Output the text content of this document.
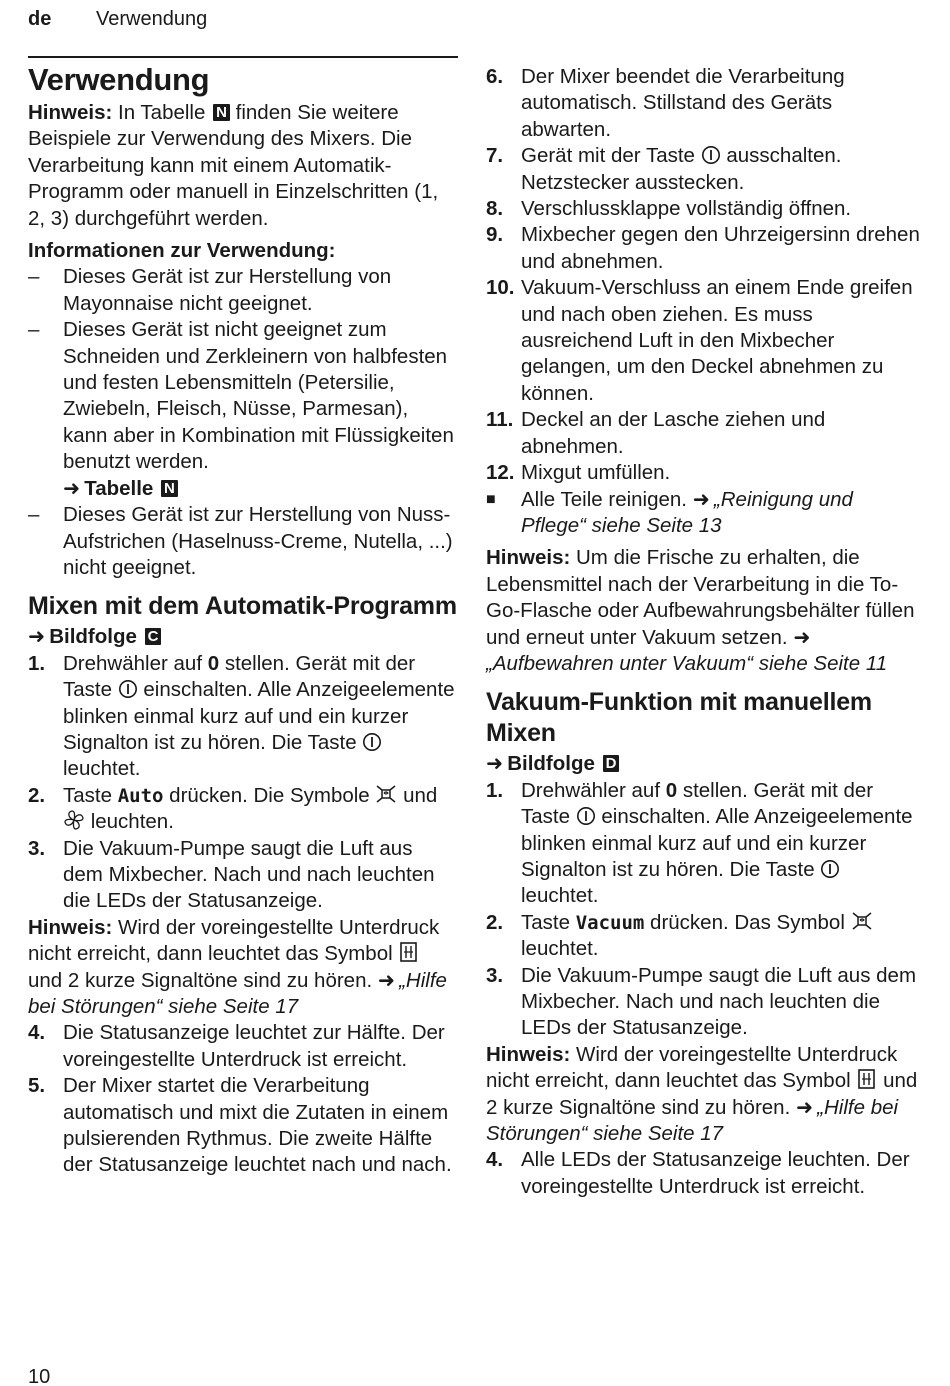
de Verwendung
Verwendung

Hinweis: In Tabelle N finden Sie weitere Beispiele zur Verwendung des Mixers. Die Verarbeitung kann mit einem Automatik-Programm oder manuell in Einzelschritten (1, 2, 3) durchgeführt werden.

Informationen zur Verwendung:

–	Dieses Gerät ist zur Herstellung von Mayonnaise nicht geeignet.
–	Dieses Gerät ist nicht geeignet zum Schneiden und Zerkleinern von halbfesten und festen Lebensmitteln (Petersilie, Zwiebeln, Fleisch, Nüsse, Parmesan), kann aber in Kombination mit Flüssigkeiten benutzt werden.
➜ Tabelle N
–	Dieses Gerät ist zur Herstellung von Nuss-Aufstrichen (Haselnuss-Creme, Nutella, ...) nicht geeignet.
Mixen mit dem Automatik-Programm

➜ Bildfolge C

1. Drehwähler auf 0 stellen. Gerät mit der Taste einschalten. Alle Anzeigeelemente blinken einmal kurz auf und ein kurzer Signalton ist zu hören. Die Taste  leuchtet.
2. Taste Auto drücken. Die Symbole und  leuchten.
3. Die Vakuum-Pumpe saugt die Luft aus dem Mixbecher. Nach und nach leuchten die LEDs der Statusanzeige.

Hinweis: Wird der voreingestellte Unterdruck nicht erreicht, dann leuchtet das Symbol  und 2 kurze Signaltöne sind zu hören. ➜ „Hilfe bei Störungen“ siehe Seite 17

4. Die Statusanzeige leuchtet zur Hälfte. Der voreingestellte Unterdruck ist erreicht.
5. Der Mixer startet die Verarbeitung automatisch und mixt die Zutaten in einem pulsierenden Rythmus. Die zweite Hälfte der Statusanzeige leuchtet nach und nach.
6. Der Mixer beendet die Verarbeitung automatisch. Stillstand des Geräts abwarten.
7. Gerät mit der Taste ausschalten. Netzstecker ausstecken.
8. Verschlussklappe vollständig öffnen.
9. Mixbecher gegen den Uhrzeigersinn drehen und abnehmen.
10. Vakuum-Verschluss an einem Ende greifen und nach oben ziehen. Es muss ausreichend Luft in den Mixbecher gelangen, um den Deckel abnehmen zu können.
11. Deckel an der Lasche ziehen und abnehmen.
12. Mixgut umfüllen.
■	Alle Teile reinigen. ➜ „Reinigung und Pflege“ siehe Seite 13

Hinweis: Um die Frische zu erhalten, die Lebensmittel nach der Verarbeitung in die To-Go-Flasche oder Aufbewahrungsbehälter füllen und erneut unter Vakuum setzen. ➜„Aufbewahren unter Vakuum“ siehe Seite 11

Vakuum-Funktion mit manuellem Mixen

➜ Bildfolge D

1. Drehwähler auf 0 stellen. Gerät mit der Taste einschalten. Alle Anzeigeelemente blinken einmal kurz auf und ein kurzer Signalton ist zu hören. Die Taste  leuchtet.
2. Taste Vacuum drücken. Das Symbol  leuchtet.
3. Die Vakuum-Pumpe saugt die Luft aus dem Mixbecher. Nach und nach leuchten die LEDs der Statusanzeige.

Hinweis: Wird der voreingestellte Unterdruck nicht erreicht, dann leuchtet das Symbol und 2 kurze Signaltöne sind zu hören. ➜ „Hilfe bei Störungen“ siehe Seite 17

4. Alle LEDs der Statusanzeige leuchten. Der voreingestellte Unterdruck ist erreicht.
10
